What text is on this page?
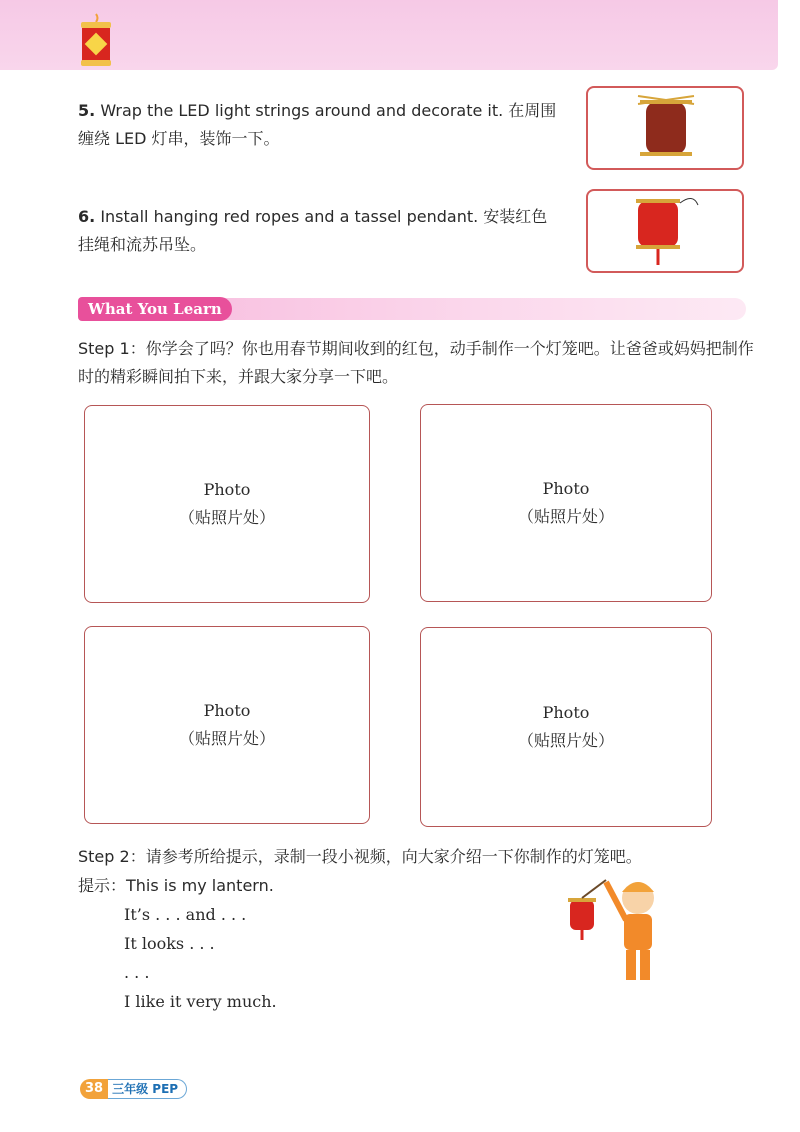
5. Wrap the LED light strings around and decorate it. 在周围缠绕 LED 灯串，装饰一下。
6. Install hanging red ropes and a tassel pendant. 安装红色挂绳和流苏吊坠。
What You Learn
Step 1：你学会了吗？你也用春节期间收到的红包，动手制作一个灯笼吧。让爸爸或妈妈把制作时的精彩瞬间拍下来，并跟大家分享一下吧。
Photo
（贴照片处）
Photo
（贴照片处）
Photo
（贴照片处）
Photo
（贴照片处）
Step 2：请参考所给提示，录制一段小视频，向大家介绍一下你制作的灯笼吧。
提示：This is my lantern.
It’s . . . and . . .
It looks . . .
. . .
I like it very much.
38 三年级 PEP
